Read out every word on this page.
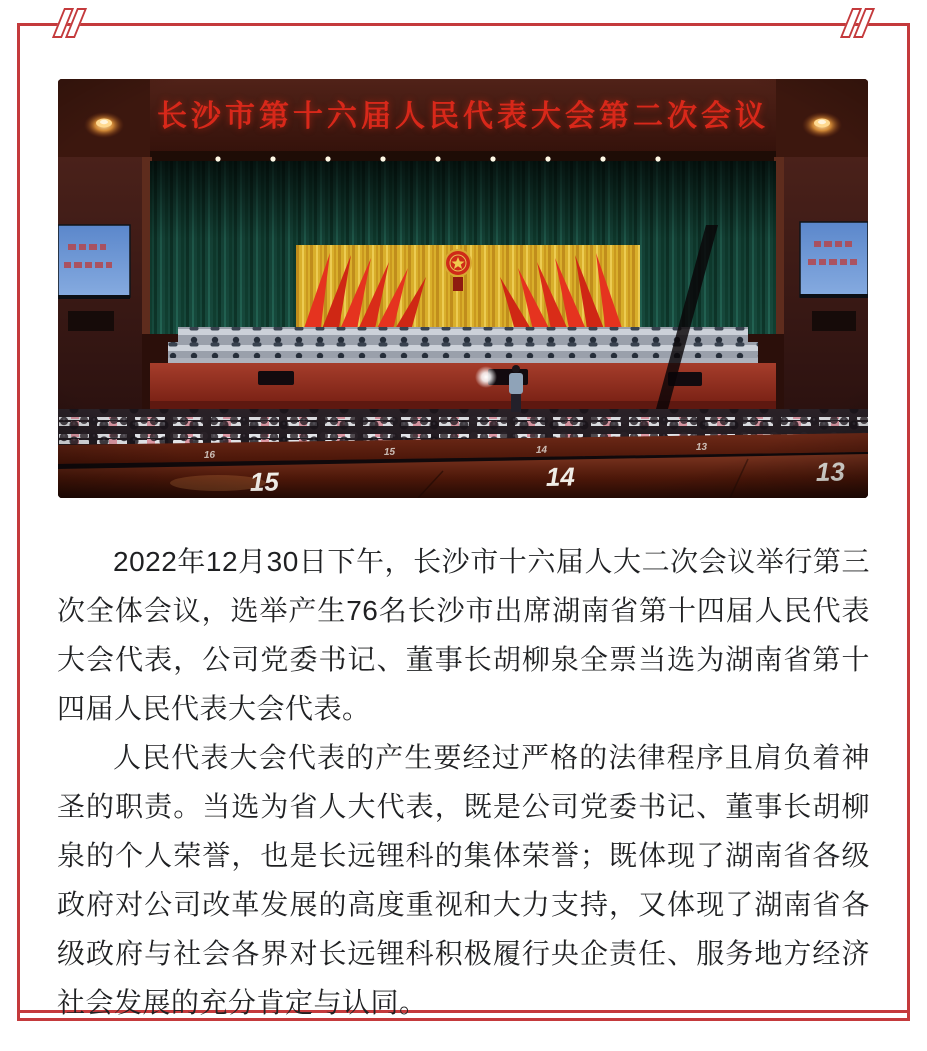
2022年12月30日下午，长沙市十六届人大二次会议举行第三次全体会议，选举产生76名长沙市出席湖南省第十四届人民代表大会代表，公司党委书记、董事长胡柳泉全票当选为湖南省第十四届人民代表大会代表。

人民代表大会代表的产生要经过严格的法律程序且肩负着神圣的职责。当选为省人大代表，既是公司党委书记、董事长胡柳泉的个人荣誉，也是长远锂科的集体荣誉；既体现了湖南省各级政府对公司改革发展的高度重视和大力支持，又体现了湖南省各级政府与社会各界对长远锂科积极履行央企责任、服务地方经济社会发展的充分肯定与认同。
